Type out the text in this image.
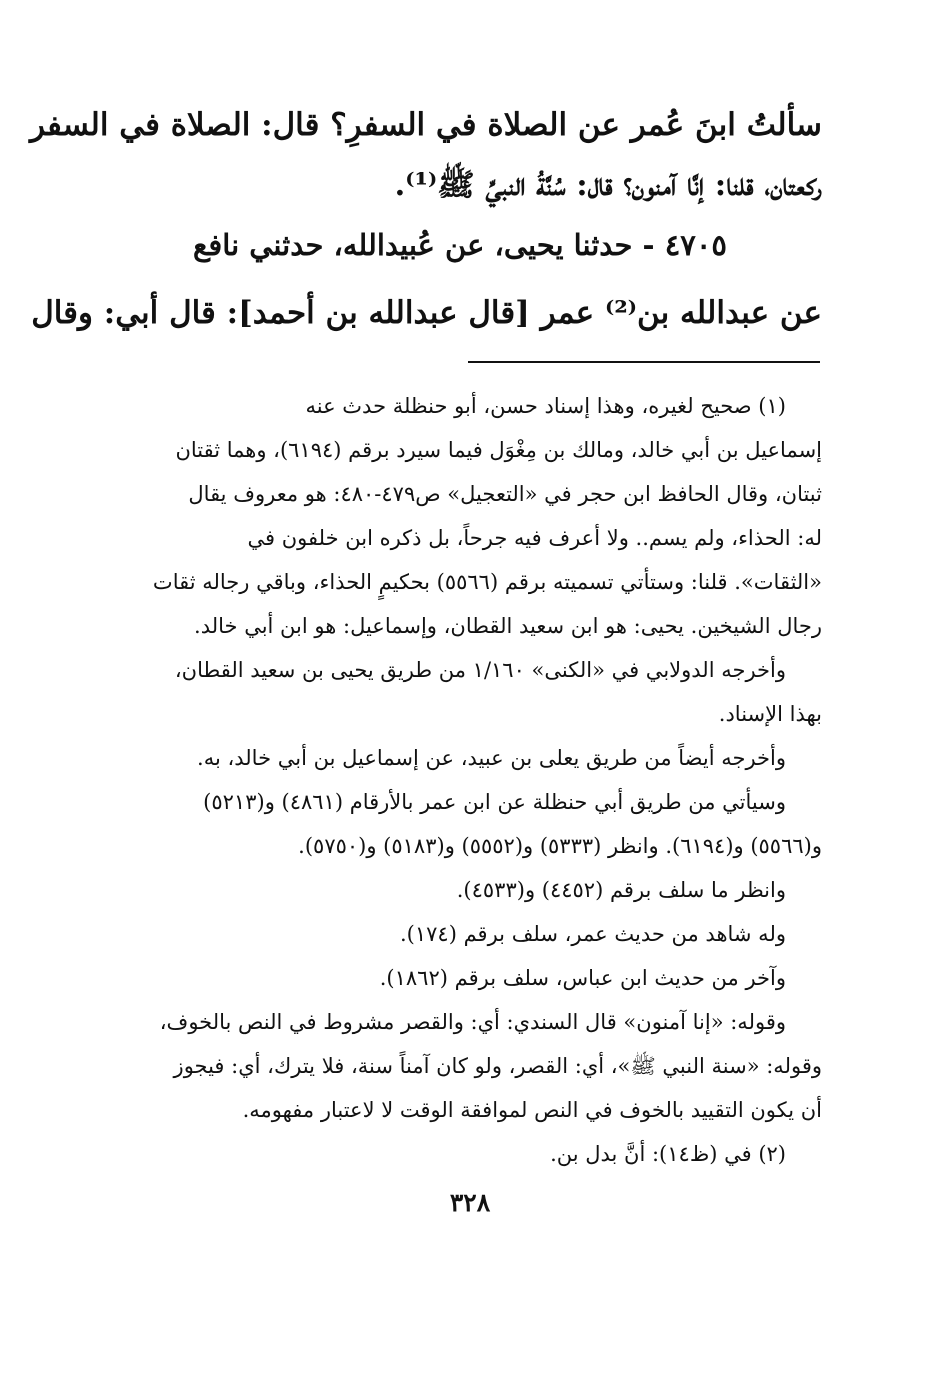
سألتُ ابنَ عُمر عن الصلاة في السفرِ؟ قال: الصلاة في السفر
ركعتان، قلنا: إنَّا آمنون؟ قال: سُنَّةُ النبيِّ ﷺ⁽¹⁾.
٤٧٠٥ - حدثنا يحيى، عن عُبيدالله، حدثني نافع
عن عبدالله بن⁽²⁾ عمر [قال عبدالله بن أحمد]: قال أبي: وقال
(١) صحيح لغيره، وهذا إسناد حسن، أبو حنظلة حدث عنه
إسماعيل بن أبي خالد، ومالك بن مِغْوَل فيما سيرد برقم (٦١٩٤)، وهما ثقتان
ثبتان، وقال الحافظ ابن حجر في «التعجيل» ص٤٧٩-٤٨٠: هو معروف يقال
له: الحذاء، ولم يسم.. ولا أعرف فيه جرحاً، بل ذكره ابن خلفون في
«الثقات». قلنا: وستأتي تسميته برقم (٥٥٦٦) بحكيمٍ الحذاء، وباقي رجاله ثقات
رجال الشيخين. يحيى: هو ابن سعيد القطان، وإسماعيل: هو ابن أبي خالد.
وأخرجه الدولابي في «الكنى» ١/١٦٠ من طريق يحيى بن سعيد القطان،
بهذا الإسناد.
وأخرجه أيضاً من طريق يعلى بن عبيد، عن إسماعيل بن أبي خالد، به.
وسيأتي من طريق أبي حنظلة عن ابن عمر بالأرقام (٤٨٦١) و(٥٢١٣)
و(٥٥٦٦) و(٦١٩٤). وانظر (٥٣٣٣) و(٥٥٥٢) و(٥١٨٣) و(٥٧٥٠).
وانظر ما سلف برقم (٤٤٥٢) و(٤٥٣٣).
وله شاهد من حديث عمر، سلف برقم (١٧٤).
وآخر من حديث ابن عباس، سلف برقم (١٨٦٢).
وقوله: «إنا آمنون» قال السندي: أي: والقصر مشروط في النص بالخوف،
وقوله: «سنة النبي ﷺ»، أي: القصر، ولو كان آمناً سنة، فلا يترك، أي: فيجوز
أن يكون التقييد بالخوف في النص لموافقة الوقت لا لاعتبار مفهومه.
(٢) في (ظ١٤): أنَّ بدل بن.
٣٢٨
